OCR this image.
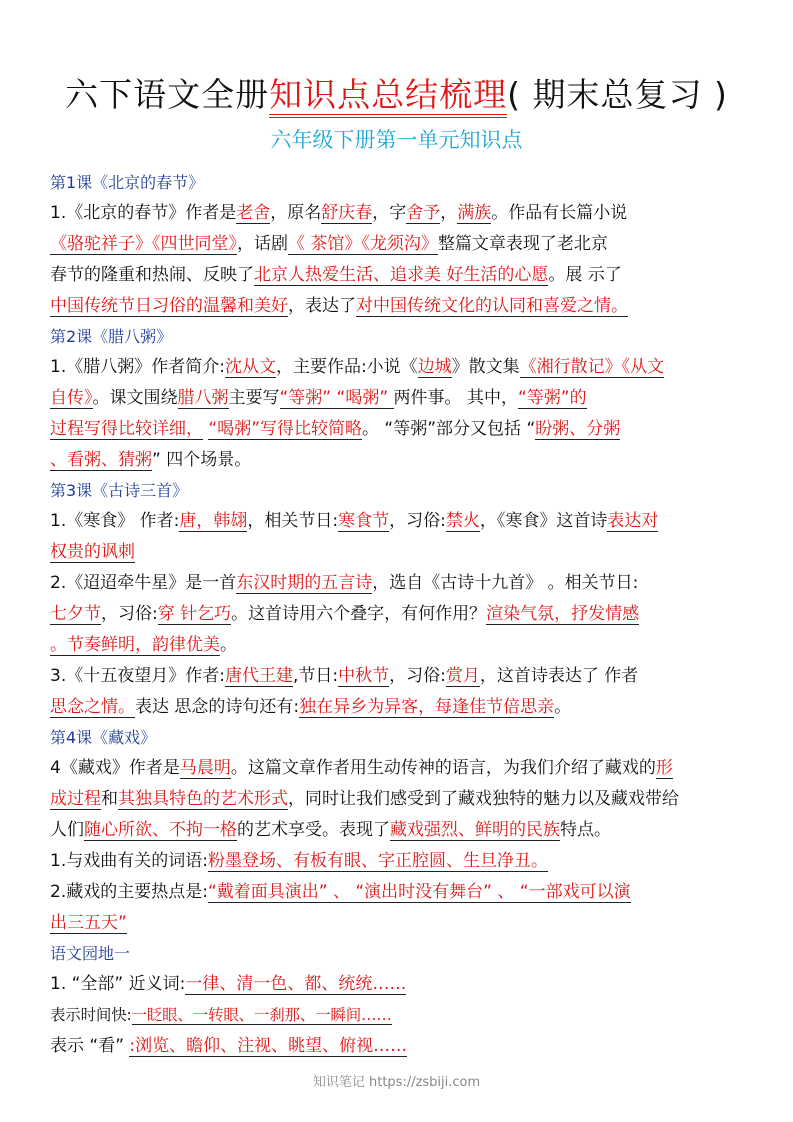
六下语文全册知识点总结梳理( 期末总复习 )
六年级下册第一单元知识点

第1课《北京的春节》

1.《北京的春节》作者是老舍，原名舒庆春，字舍予，满族。作品有长篇小说

《骆驼祥子》《四世同堂》，话剧《 茶馆》《龙须沟》整篇文章表现了老北京

春节的隆重和热闹、反映了北京人热爱生活、追求美 好生活的心愿。展 示了

中国传统节日习俗的温馨和美好，表达了对中国传统文化的认同和喜爱之情。

第2课《腊八粥》

1.《腊八粥》作者简介:沈从文，主要作品:小说《边城》散文集《湘行散记》《从文

自传》。课文围绕腊八粥主要写“等粥” “喝粥” 两件事。 其中，“等粥”的

过程写得比较详细， “喝粥”写得比较简略。 “等粥”部分又包括 “盼粥、分粥

、看粥、猜粥” 四个场景。

第3课《古诗三首》

1.《寒食》 作者:唐，韩翃，相关节日:寒食节，习俗:禁火，《寒食》这首诗表达对

权贵的讽刺

2.《迢迢牵牛星》是一首东汉时期的五言诗，选自《古诗十九首》 。相关节日:

七夕节，习俗:穿 针乞巧。这首诗用六个叠字，有何作用？渲染气氛，抒发情感

。节奏鲜明，韵律优美。

3.《十五夜望月》作者:唐代王建,节日:中秋节，习俗:赏月，这首诗表达了 作者

思念之情。表达 思念的诗句还有:独在异乡为异客，每逢佳节倍思亲。

第4课《藏戏》

4《藏戏》作者是马晨明。这篇文章作者用生动传神的语言，为我们介绍了藏戏的形

成过程和其独具特色的艺术形式，同时让我们感受到了藏戏独特的魅力以及藏戏带给

人们随心所欲、不拘一格的艺术享受。表现了藏戏强烈、鲜明的民族特点。

1.与戏曲有关的词语:粉墨登场、有板有眼、字正腔圆、生旦净丑。

2.藏戏的主要热点是:“戴着面具演出” 、 “演出时没有舞台” 、 “一部戏可以演

出三五天”

语文园地一

1. “全部” 近义词:一律、清一色、都、统统……

表示时间快:一眨眼、一转眼、一刹那、一瞬间……

表示 “看” :浏览、瞻仰、注视、眺望、俯视……

知识笔记 https://zsbiji.com
